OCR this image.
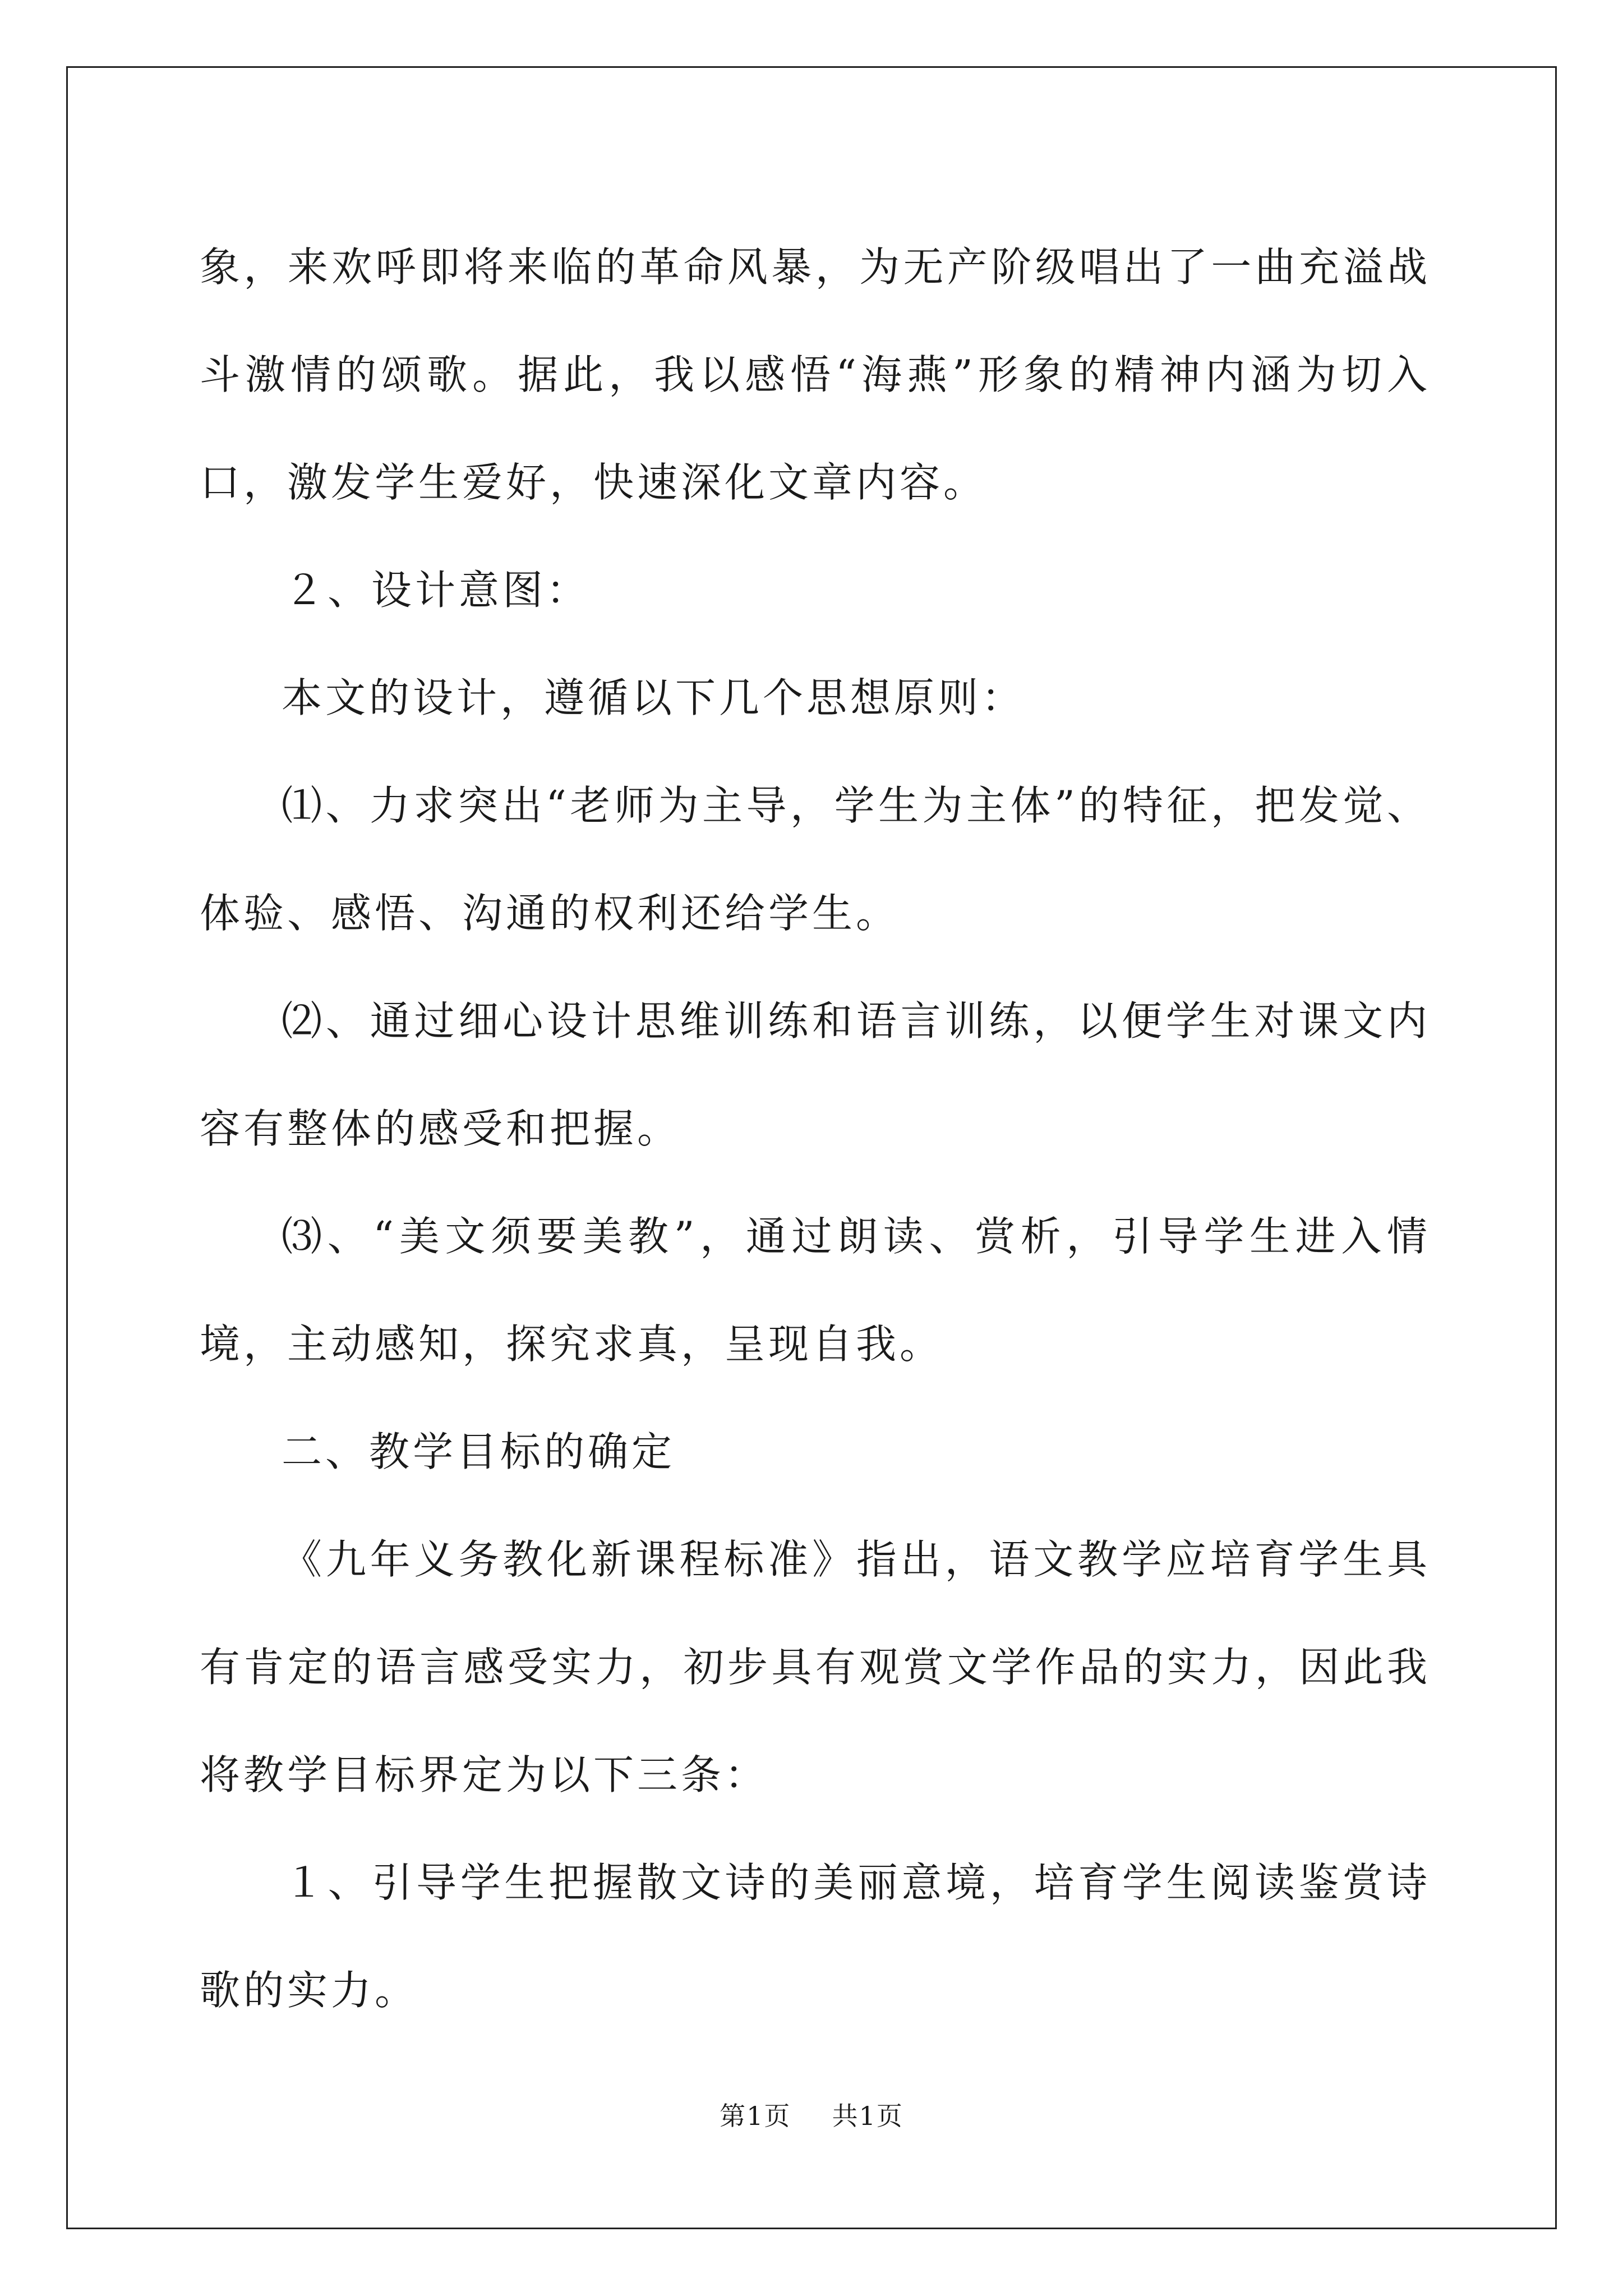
象，来欢呼即将来临的革命风暴，为无产阶级唱出了一曲充溢战斗激情的颂歌。据此，我以感悟“海燕”形象的精神内涵为切入口，激发学生爱好，快速深化文章内容。

２、设计意图：

本文的设计，遵循以下几个思想原则：

⑴、力求突出“老师为主导，学生为主体”的特征，把发觉、体验、感悟、沟通的权利还给学生。

⑵、通过细心设计思维训练和语言训练，以便学生对课文内容有整体的感受和把握。

⑶、“美文须要美教”，通过朗读、赏析，引导学生进入情境，主动感知，探究求真，呈现自我。

二、教学目标的确定

《九年义务教化新课程标准》指出，语文教学应培育学生具有肯定的语言感受实力，初步具有观赏文学作品的实力，因此我将教学目标界定为以下三条：

１、引导学生把握散文诗的美丽意境，培育学生阅读鉴赏诗歌的实力。

第1页 共1页
